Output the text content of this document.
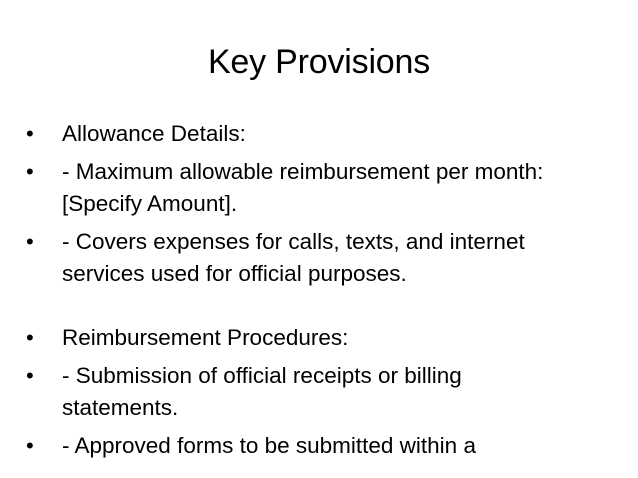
Key Provisions
•	Allowance Details:
•	- Maximum allowable reimbursement per month: [Specify Amount].
•	- Covers expenses for calls, texts, and internet services used for official purposes.
•	Reimbursement Procedures:
•	- Submission of official receipts or billing statements.
•	- Approved forms to be submitted within a
